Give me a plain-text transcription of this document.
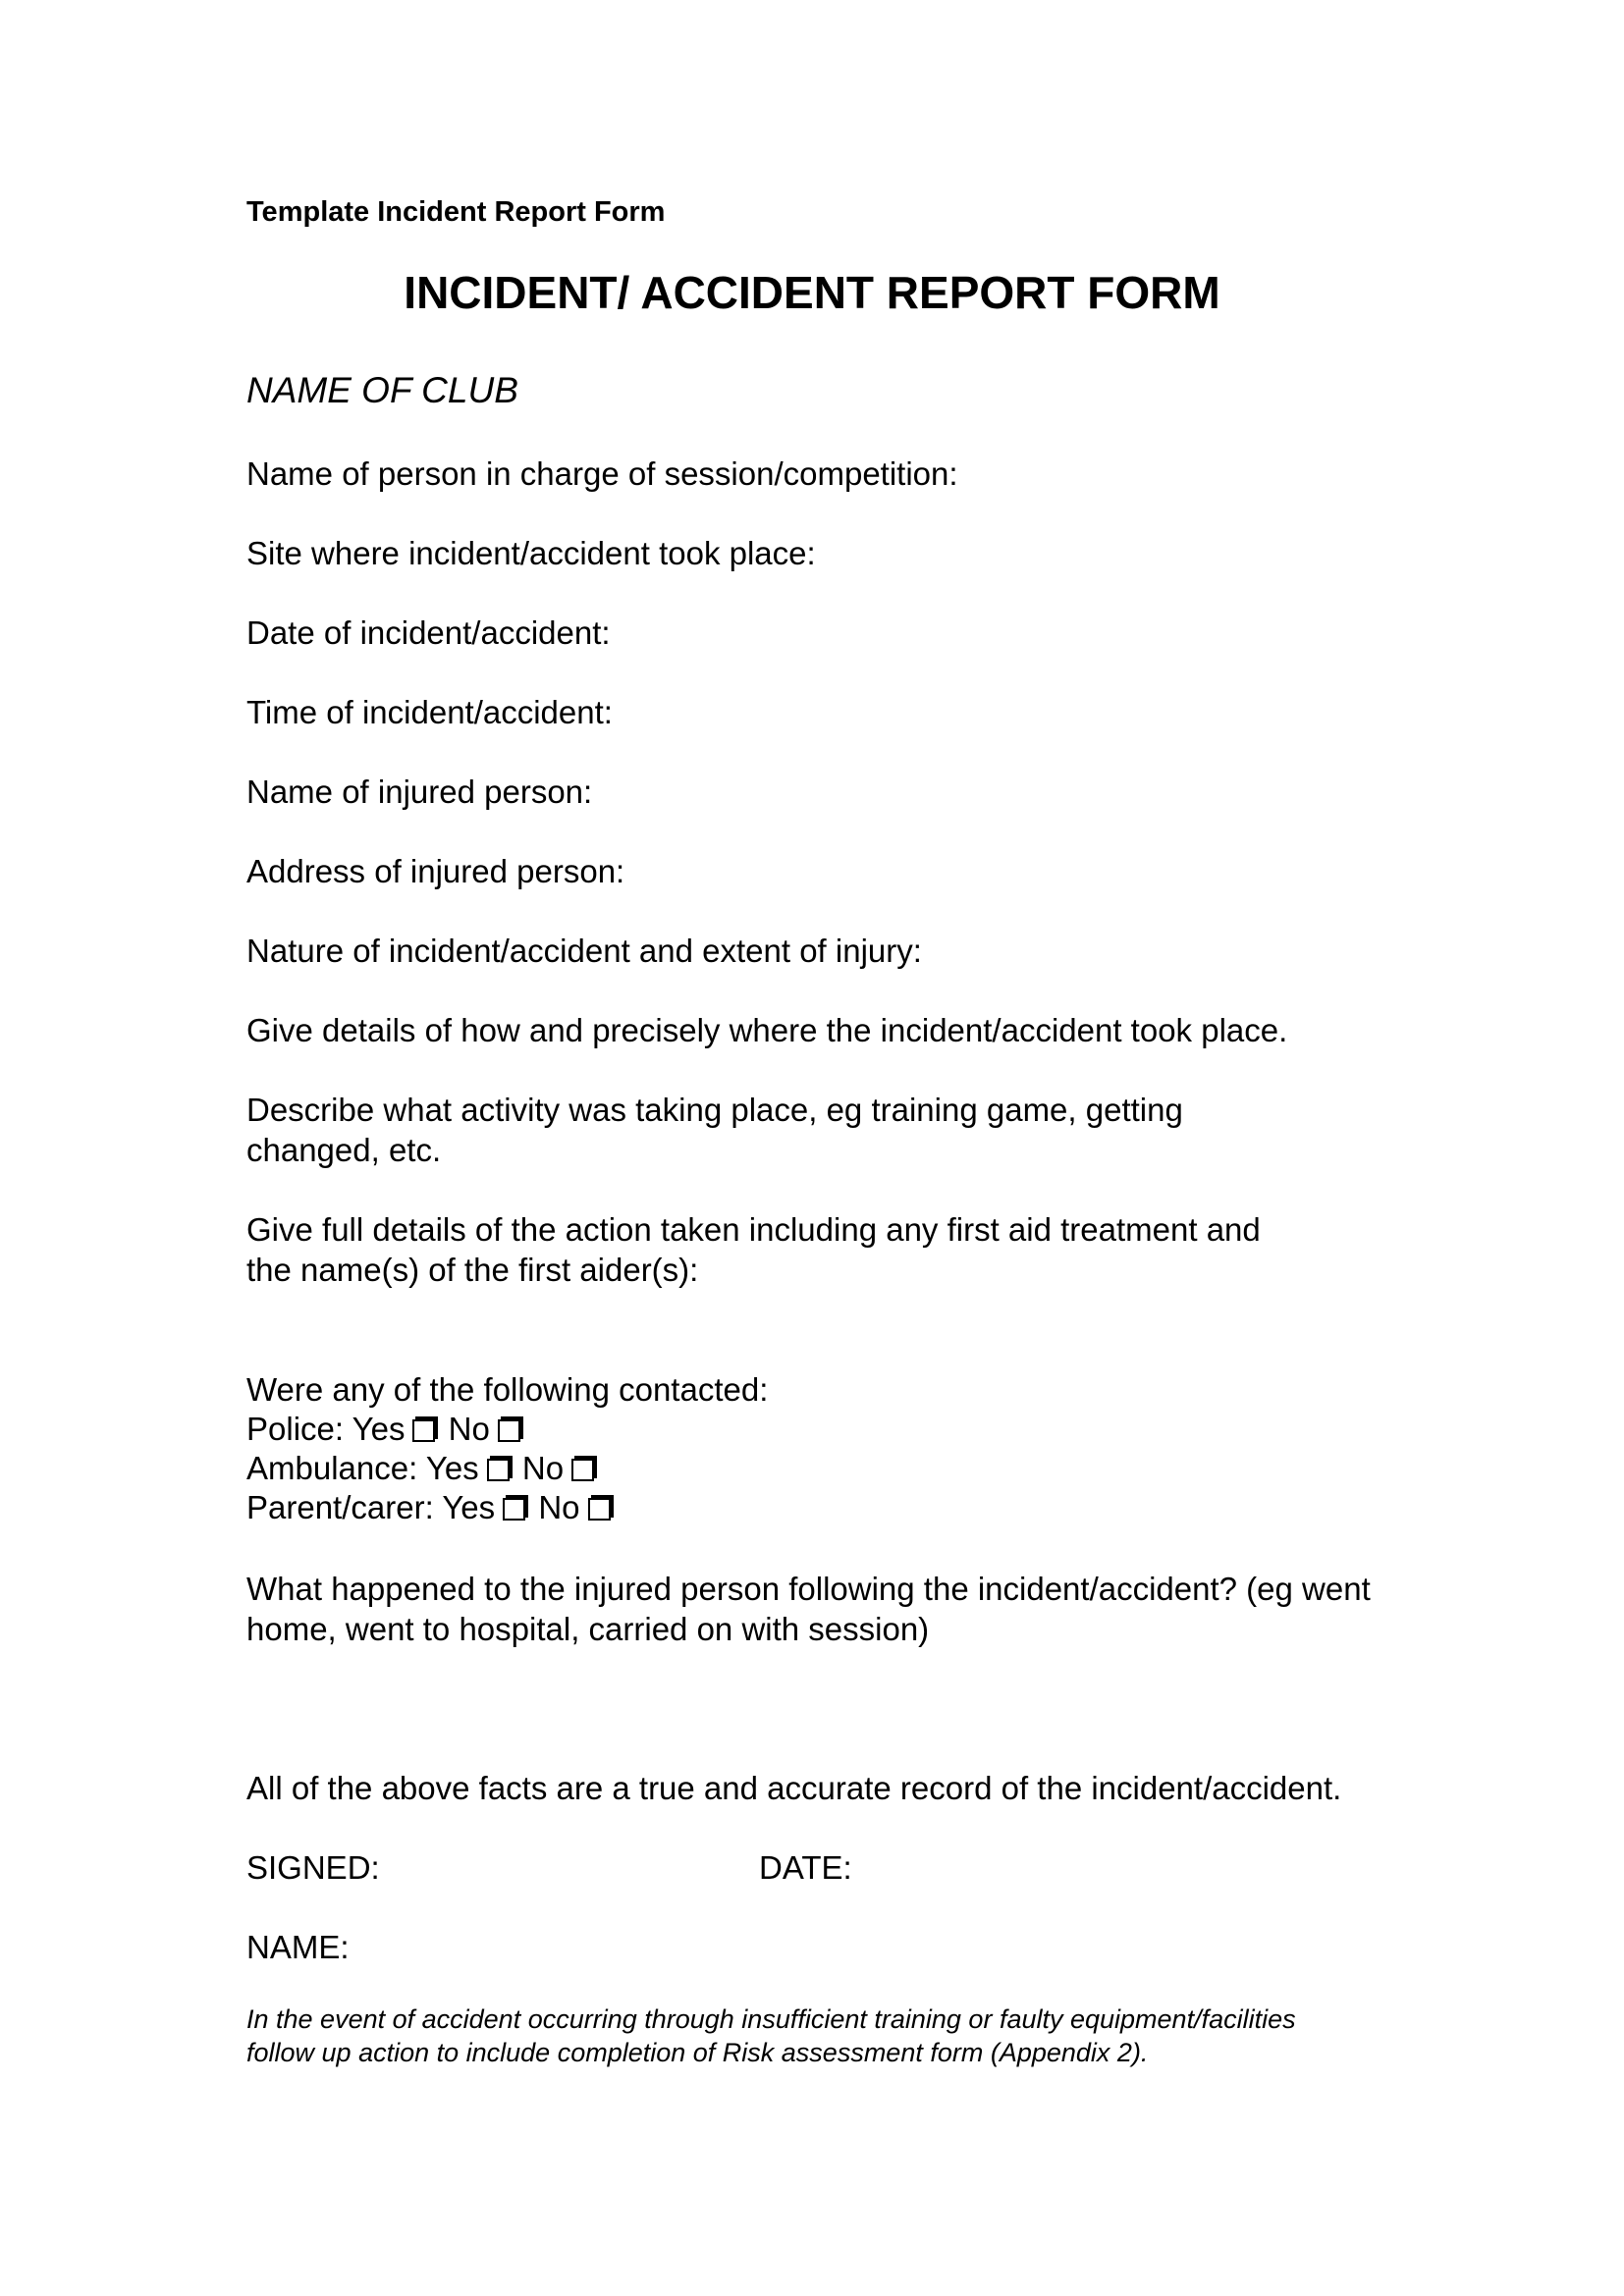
Template Incident Report Form
INCIDENT/ ACCIDENT REPORT FORM
NAME OF CLUB
Name of person in charge of session/competition:
Site where incident/accident took place:
Date of incident/accident:
Time of incident/accident:
Name of injured person:
Address of injured person:
Nature of incident/accident and extent of injury:
Give details of how and precisely where the incident/accident took place.
Describe what activity was taking place, eg training game, getting
changed, etc.
Give full details of the action taken including any first aid treatment and
the name(s) of the first aider(s):
Were any of the following contacted:
Police: Yes No
Ambulance: Yes No
Parent/carer: Yes No
What happened to the injured person following the incident/accident? (eg went
home, went to hospital, carried on with session)
All of the above facts are a true and accurate record of the incident/accident.
SIGNED:	DATE:
NAME:
In the event of accident occurring through insufficient training or faulty equipment/facilities
follow up action to include completion of Risk assessment form (Appendix 2).
